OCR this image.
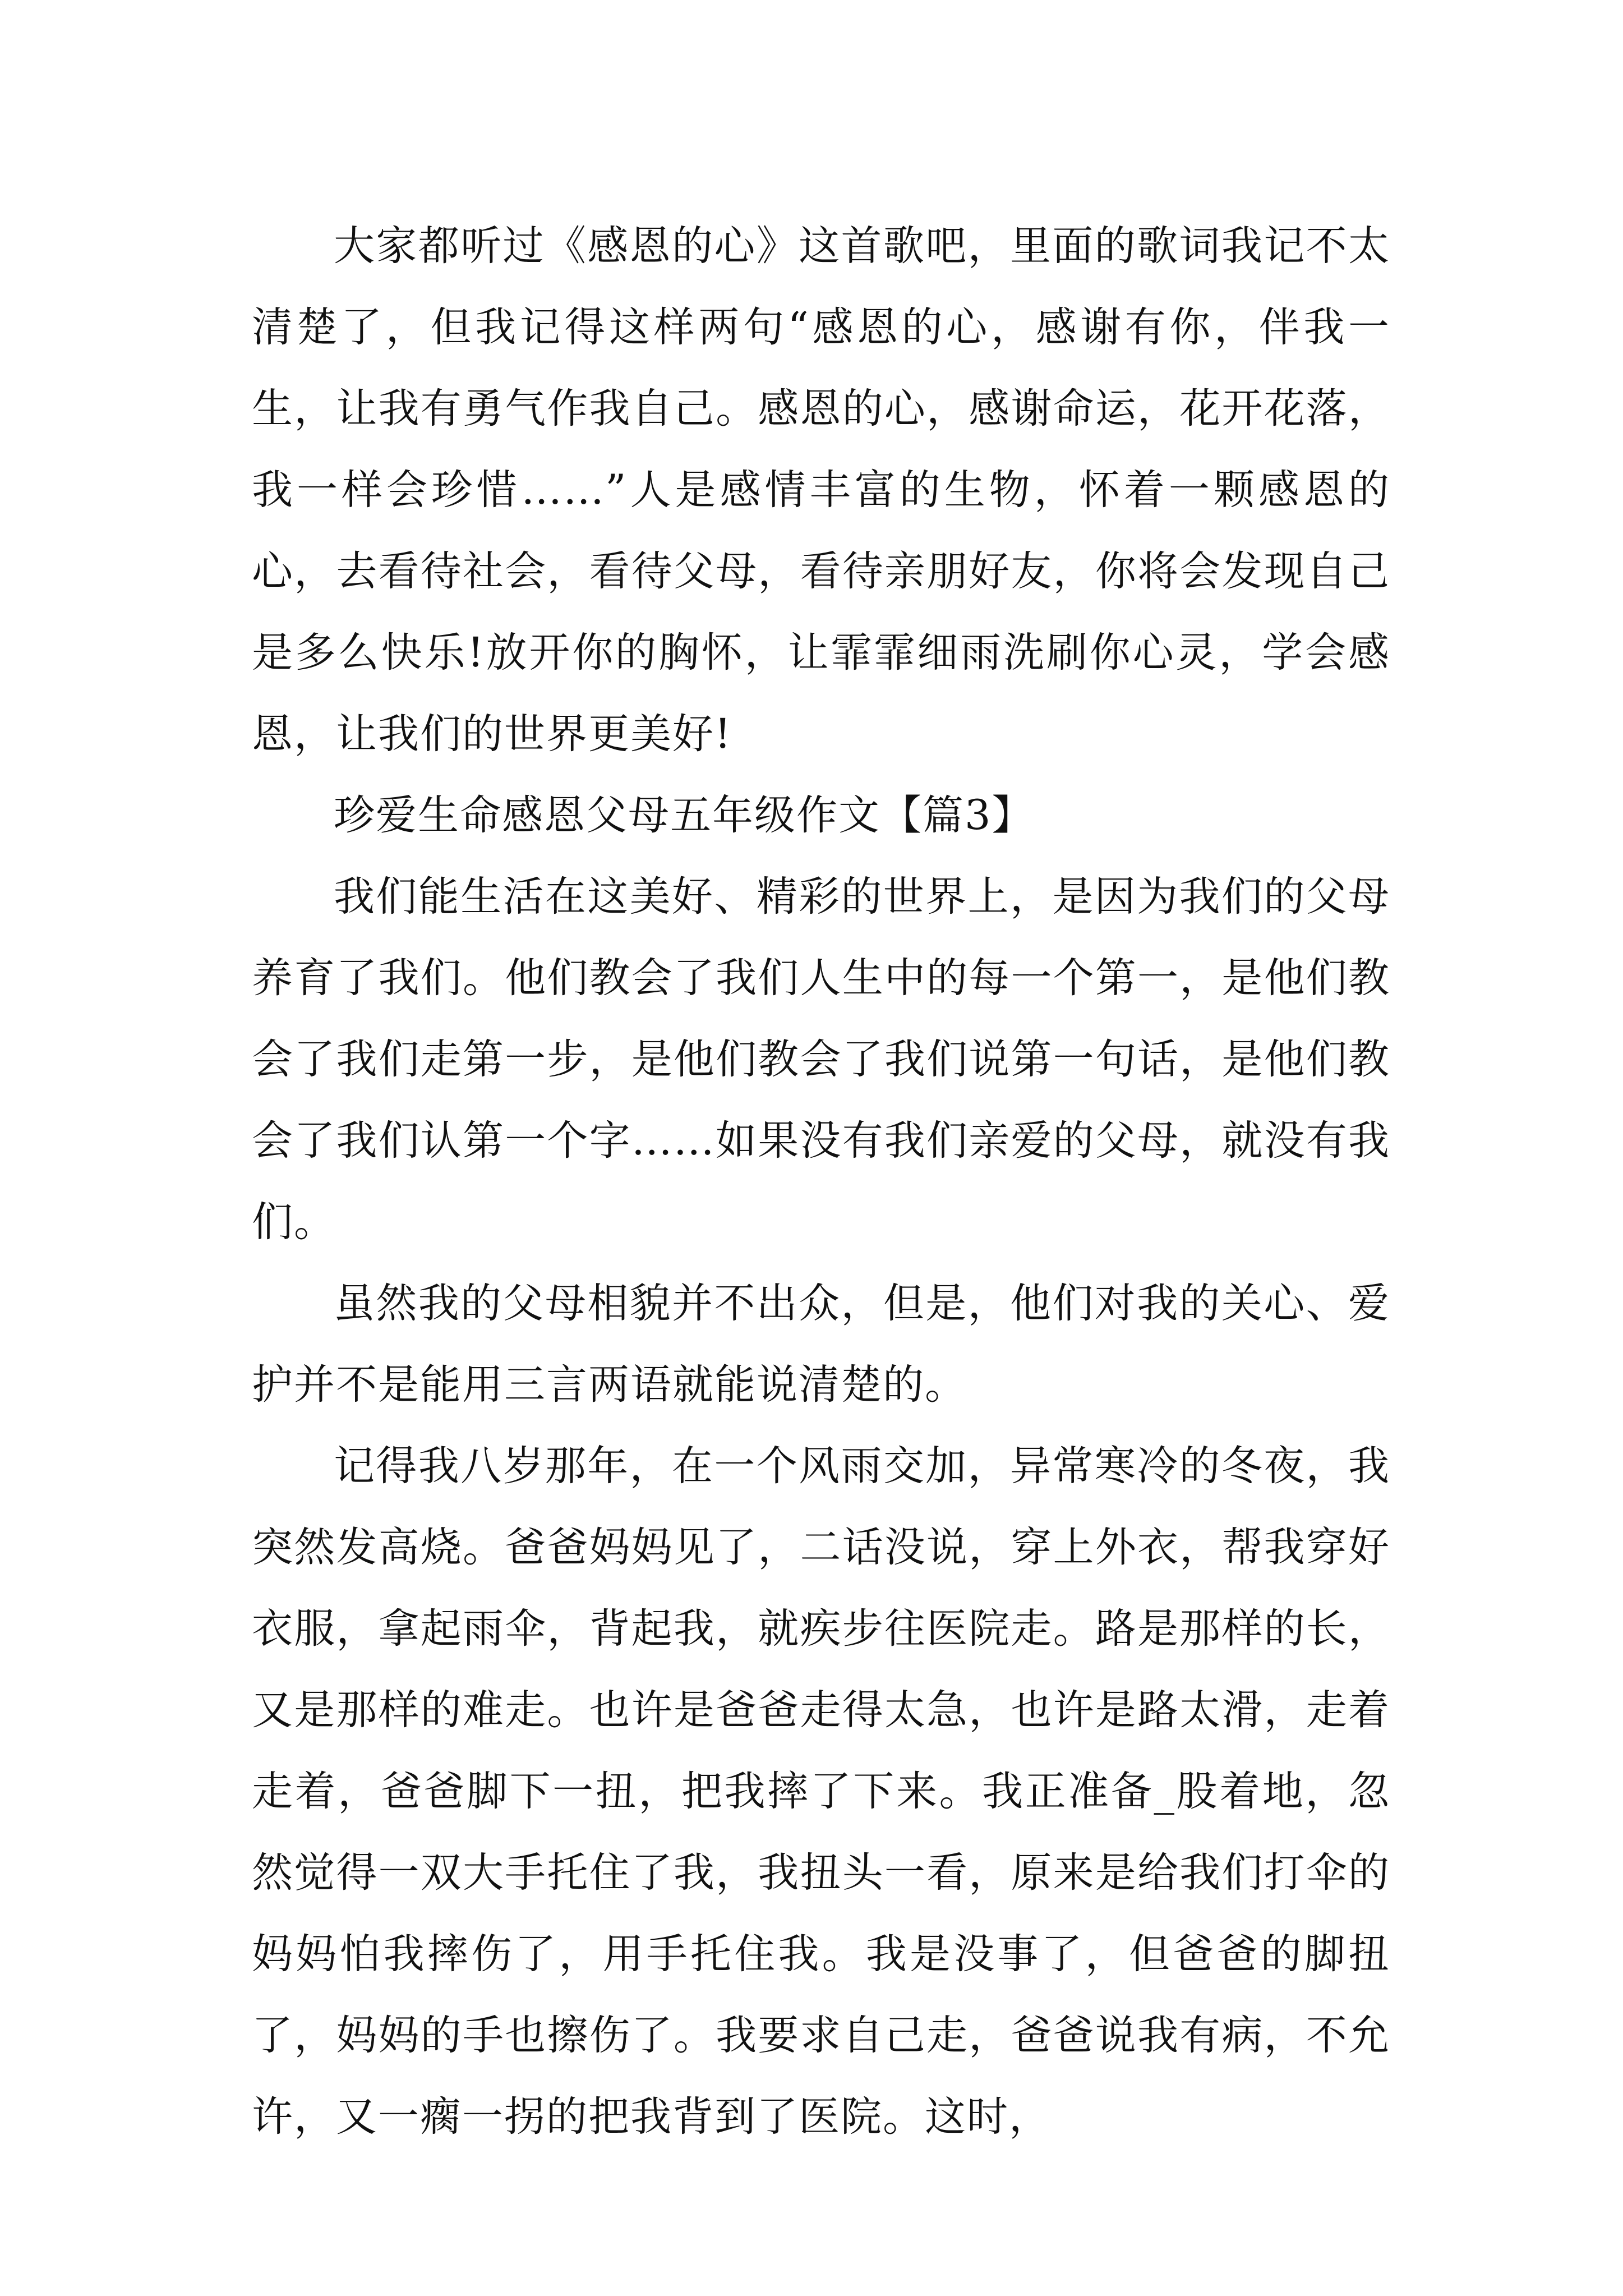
大家都听过《感恩的心》这首歌吧，里面的歌词我记不太清楚了，但我记得这样两句“感恩的心，感谢有你，伴我一生，让我有勇气作我自己。感恩的心，感谢命运，花开花落，我一样会珍惜……”人是感情丰富的生物，怀着一颗感恩的心，去看待社会，看待父母，看待亲朋好友，你将会发现自己是多么快乐!放开你的胸怀，让霏霏细雨洗刷你心灵，学会感恩，让我们的世界更美好!

珍爱生命感恩父母五年级作文【篇3】

我们能生活在这美好、精彩的世界上，是因为我们的父母养育了我们。他们教会了我们人生中的每一个第一，是他们教会了我们走第一步，是他们教会了我们说第一句话，是他们教会了我们认第一个字……如果没有我们亲爱的父母，就没有我们。

虽然我的父母相貌并不出众，但是，他们对我的关心、爱护并不是能用三言两语就能说清楚的。

记得我八岁那年，在一个风雨交加，异常寒冷的冬夜，我突然发高烧。爸爸妈妈见了，二话没说，穿上外衣，帮我穿好衣服，拿起雨伞，背起我，就疾步往医院走。路是那样的长，又是那样的难走。也许是爸爸走得太急，也许是路太滑，走着走着，爸爸脚下一扭，把我摔了下来。我正准备_股着地，忽然觉得一双大手托住了我，我扭头一看，原来是给我们打伞的妈妈怕我摔伤了，用手托住我。我是没事了，但爸爸的脚扭了，妈妈的手也擦伤了。我要求自己走，爸爸说我有病，不允许，又一瘸一拐的把我背到了医院。这时，
